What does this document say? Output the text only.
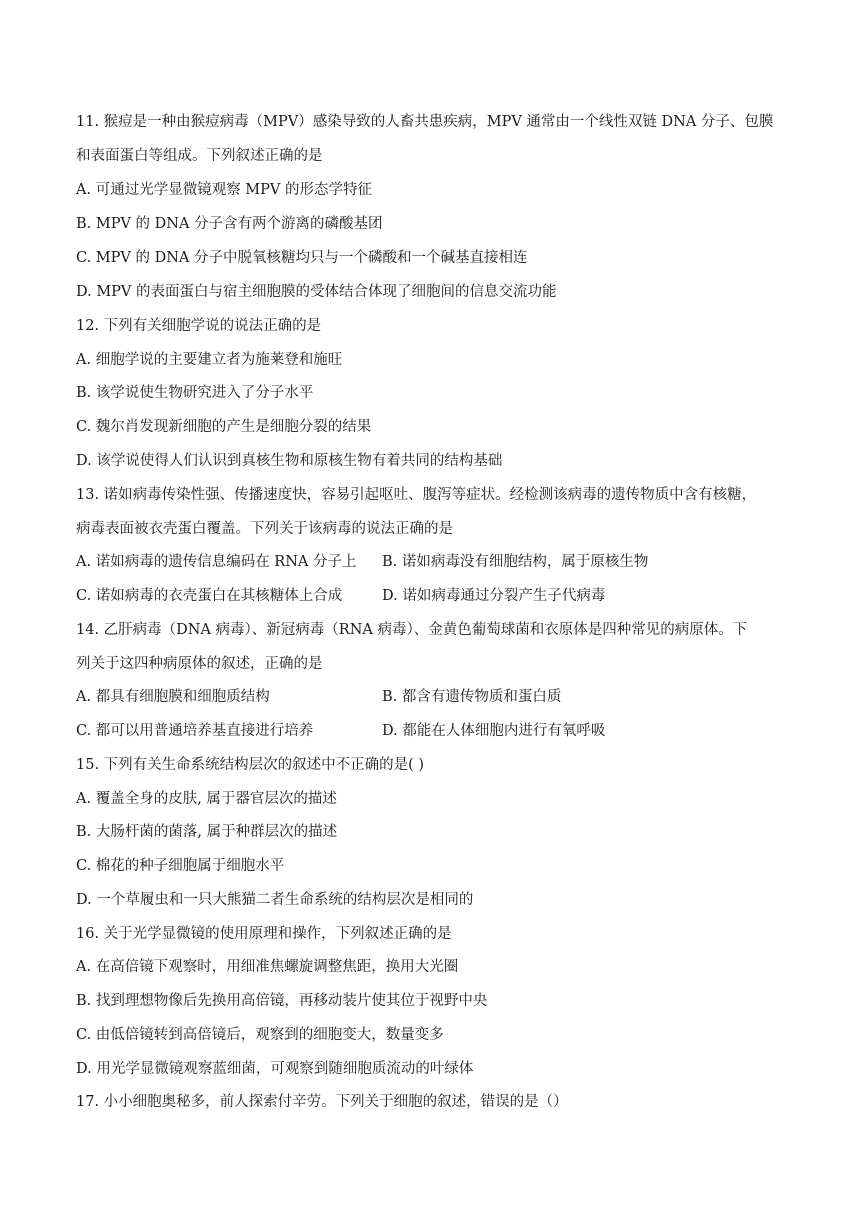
11. 猴痘是一种由猴痘病毒（MPV）感染导致的人畜共患疾病，MPV 通常由一个线性双链 DNA 分子、包膜
和表面蛋白等组成。下列叙述正确的是
A. 可通过光学显微镜观察 MPV 的形态学特征
B. MPV 的 DNA 分子含有两个游离的磷酸基团
C. MPV 的 DNA 分子中脱氧核糖均只与一个磷酸和一个碱基直接相连
D. MPV 的表面蛋白与宿主细胞膜的受体结合体现了细胞间的信息交流功能
12. 下列有关细胞学说的说法正确的是
A. 细胞学说的主要建立者为施莱登和施旺
B. 该学说使生物研究进入了分子水平
C. 魏尔肖发现新细胞的产生是细胞分裂的结果
D. 该学说使得人们认识到真核生物和原核生物有着共同的结构基础
13. 诺如病毒传染性强、传播速度快，容易引起呕吐、腹泻等症状。经检测该病毒的遗传物质中含有核糖，
病毒表面被衣壳蛋白覆盖。下列关于该病毒的说法正确的是
A. 诺如病毒的遗传信息编码在 RNA 分子上 B. 诺如病毒没有细胞结构，属于原核生物
C. 诺如病毒的衣壳蛋白在其核糖体上合成	D. 诺如病毒通过分裂产生子代病毒
14. 乙肝病毒（DNA 病毒）、新冠病毒（RNA 病毒）、金黄色葡萄球菌和衣原体是四种常见的病原体。下
列关于这四种病原体的叙述，正确的是
A. 都具有细胞膜和细胞质结构	B. 都含有遗传物质和蛋白质
C. 都可以用普通培养基直接进行培养	D. 都能在人体细胞内进行有氧呼吸
15. 下列有关生命系统结构层次的叙述中不正确的是( )
A. 覆盖全身的皮肤, 属于器官层次的描述
B. 大肠杆菌的菌落, 属于种群层次的描述
C. 棉花的种子细胞属于细胞水平
D. 一个草履虫和一只大熊猫二者生命系统的结构层次是相同的
16. 关于光学显微镜的使用原理和操作，下列叙述正确的是
A. 在高倍镜下观察时，用细准焦螺旋调整焦距，换用大光圈
B. 找到理想物像后先换用高倍镜，再移动装片使其位于视野中央
C. 由低倍镜转到高倍镜后，观察到的细胞变大，数量变多
D. 用光学显微镜观察蓝细菌，可观察到随细胞质流动的叶绿体
17. 小小细胞奥秘多，前人探索付辛劳。下列关于细胞的叙述，错误的是（）
